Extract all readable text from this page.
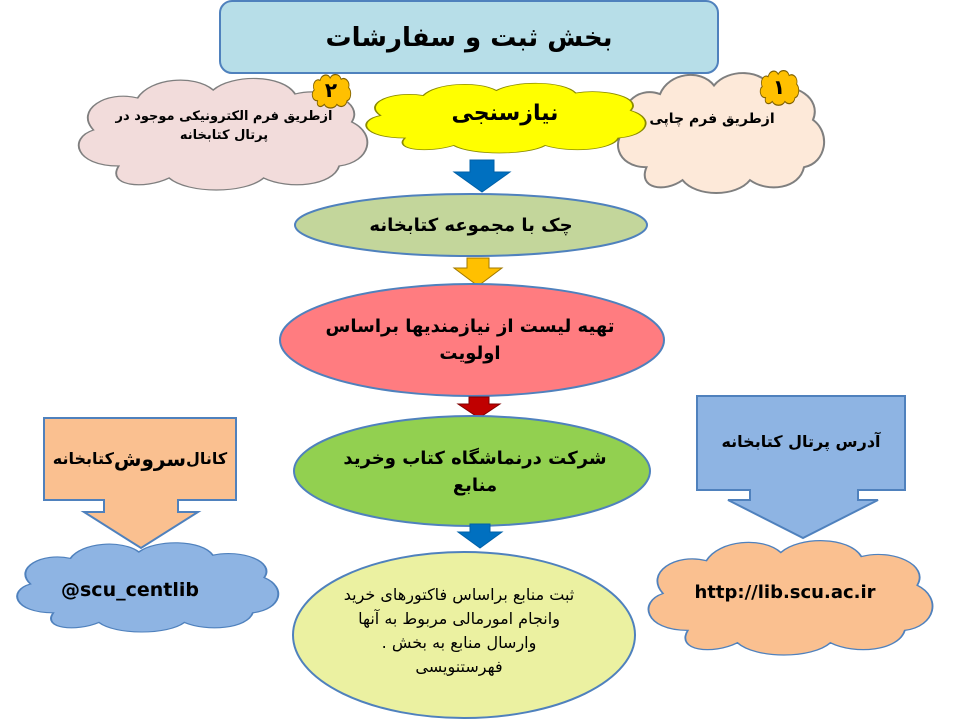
بخش ثبت و سفارشات
نیازسنجی	ازطریق فرم چاپی
۱
ازطریق فرم الکترونیکی موجود در پرتال کتابخانه
۲
چک با مجموعه کتابخانه
تهیه لیست از نیازمندیها براساس اولویت
شرکت درنماشگاه کتاب وخرید منابع
ثبت منابع براساس فاکتورهای خرید وانجام امورمالی مربوط به آنها وارسال منابع به بخش . فهرستنویسی
کانال
سروش
کتابخانه
@scu_centlib
آدرس پرتال کتابخانه
http://lib.scu.ac.ir
